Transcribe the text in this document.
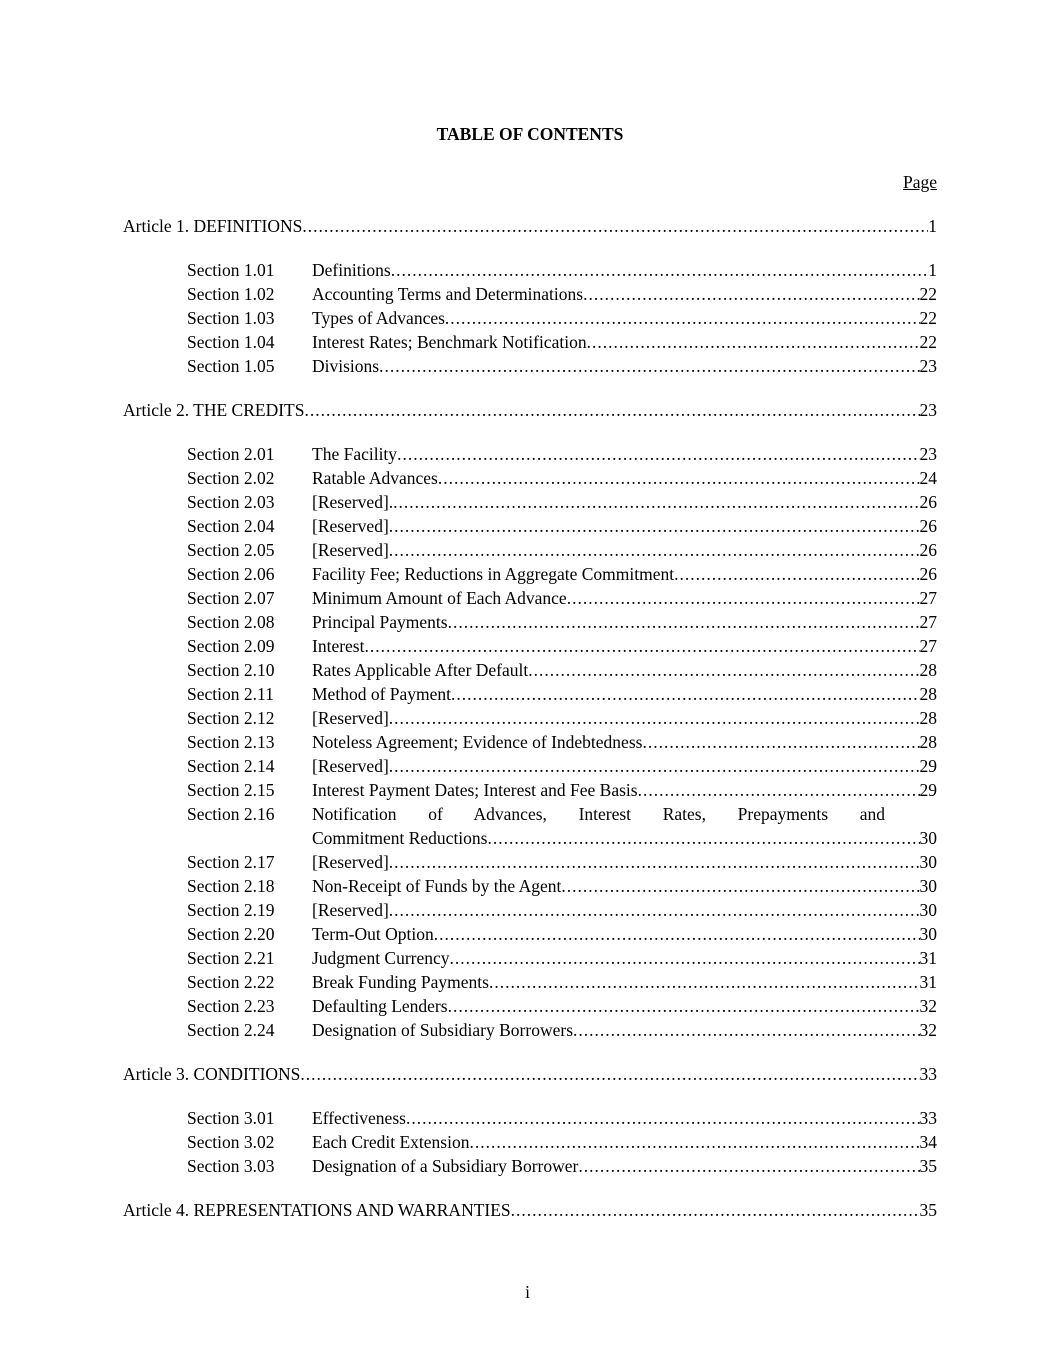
TABLE OF CONTENTS
Page
Article 1. DEFINITIONS .....	1
Section 1.01	Definitions .....	1
Section 1.02	Accounting Terms and Determinations .....	22
Section 1.03	Types of Advances .....	22
Section 1.04	Interest Rates; Benchmark Notification .....	22
Section 1.05	Divisions .....	23
Article 2. THE CREDITS .....	23
Section 2.01	The Facility .....	23
Section 2.02	Ratable Advances .....	24
Section 2.03	[Reserved]. .....	26
Section 2.04	[Reserved] .....	26
Section 2.05	[Reserved] .....	26
Section 2.06	Facility Fee; Reductions in Aggregate Commitment .....	26
Section 2.07	Minimum Amount of Each Advance .....	27
Section 2.08	Principal Payments .....	27
Section 2.09	Interest .....	27
Section 2.10	Rates Applicable After Default .....	28
Section 2.11	Method of Payment .....	28
Section 2.12	[Reserved] .....	28
Section 2.13	Noteless Agreement; Evidence of Indebtedness .....	28
Section 2.14	[Reserved] .....	29
Section 2.15	Interest Payment Dates; Interest and Fee Basis .....	29
Section 2.16	Notification of Advances, Interest Rates, Prepayments and
Commitment Reductions .....	30
Section 2.17	[Reserved] .....	30
Section 2.18	Non-Receipt of Funds by the Agent .....	30
Section 2.19	[Reserved] .....	30
Section 2.20	Term-Out Option .....	30
Section 2.21	Judgment Currency .....	31
Section 2.22	Break Funding Payments .....	31
Section 2.23	Defaulting Lenders .....	32
Section 2.24	Designation of Subsidiary Borrowers .....	32
Article 3. CONDITIONS .....	33
Section 3.01	Effectiveness .....	33
Section 3.02	Each Credit Extension .....	34
Section 3.03	Designation of a Subsidiary Borrower .....	35
Article 4. REPRESENTATIONS AND WARRANTIES .....	35
i
